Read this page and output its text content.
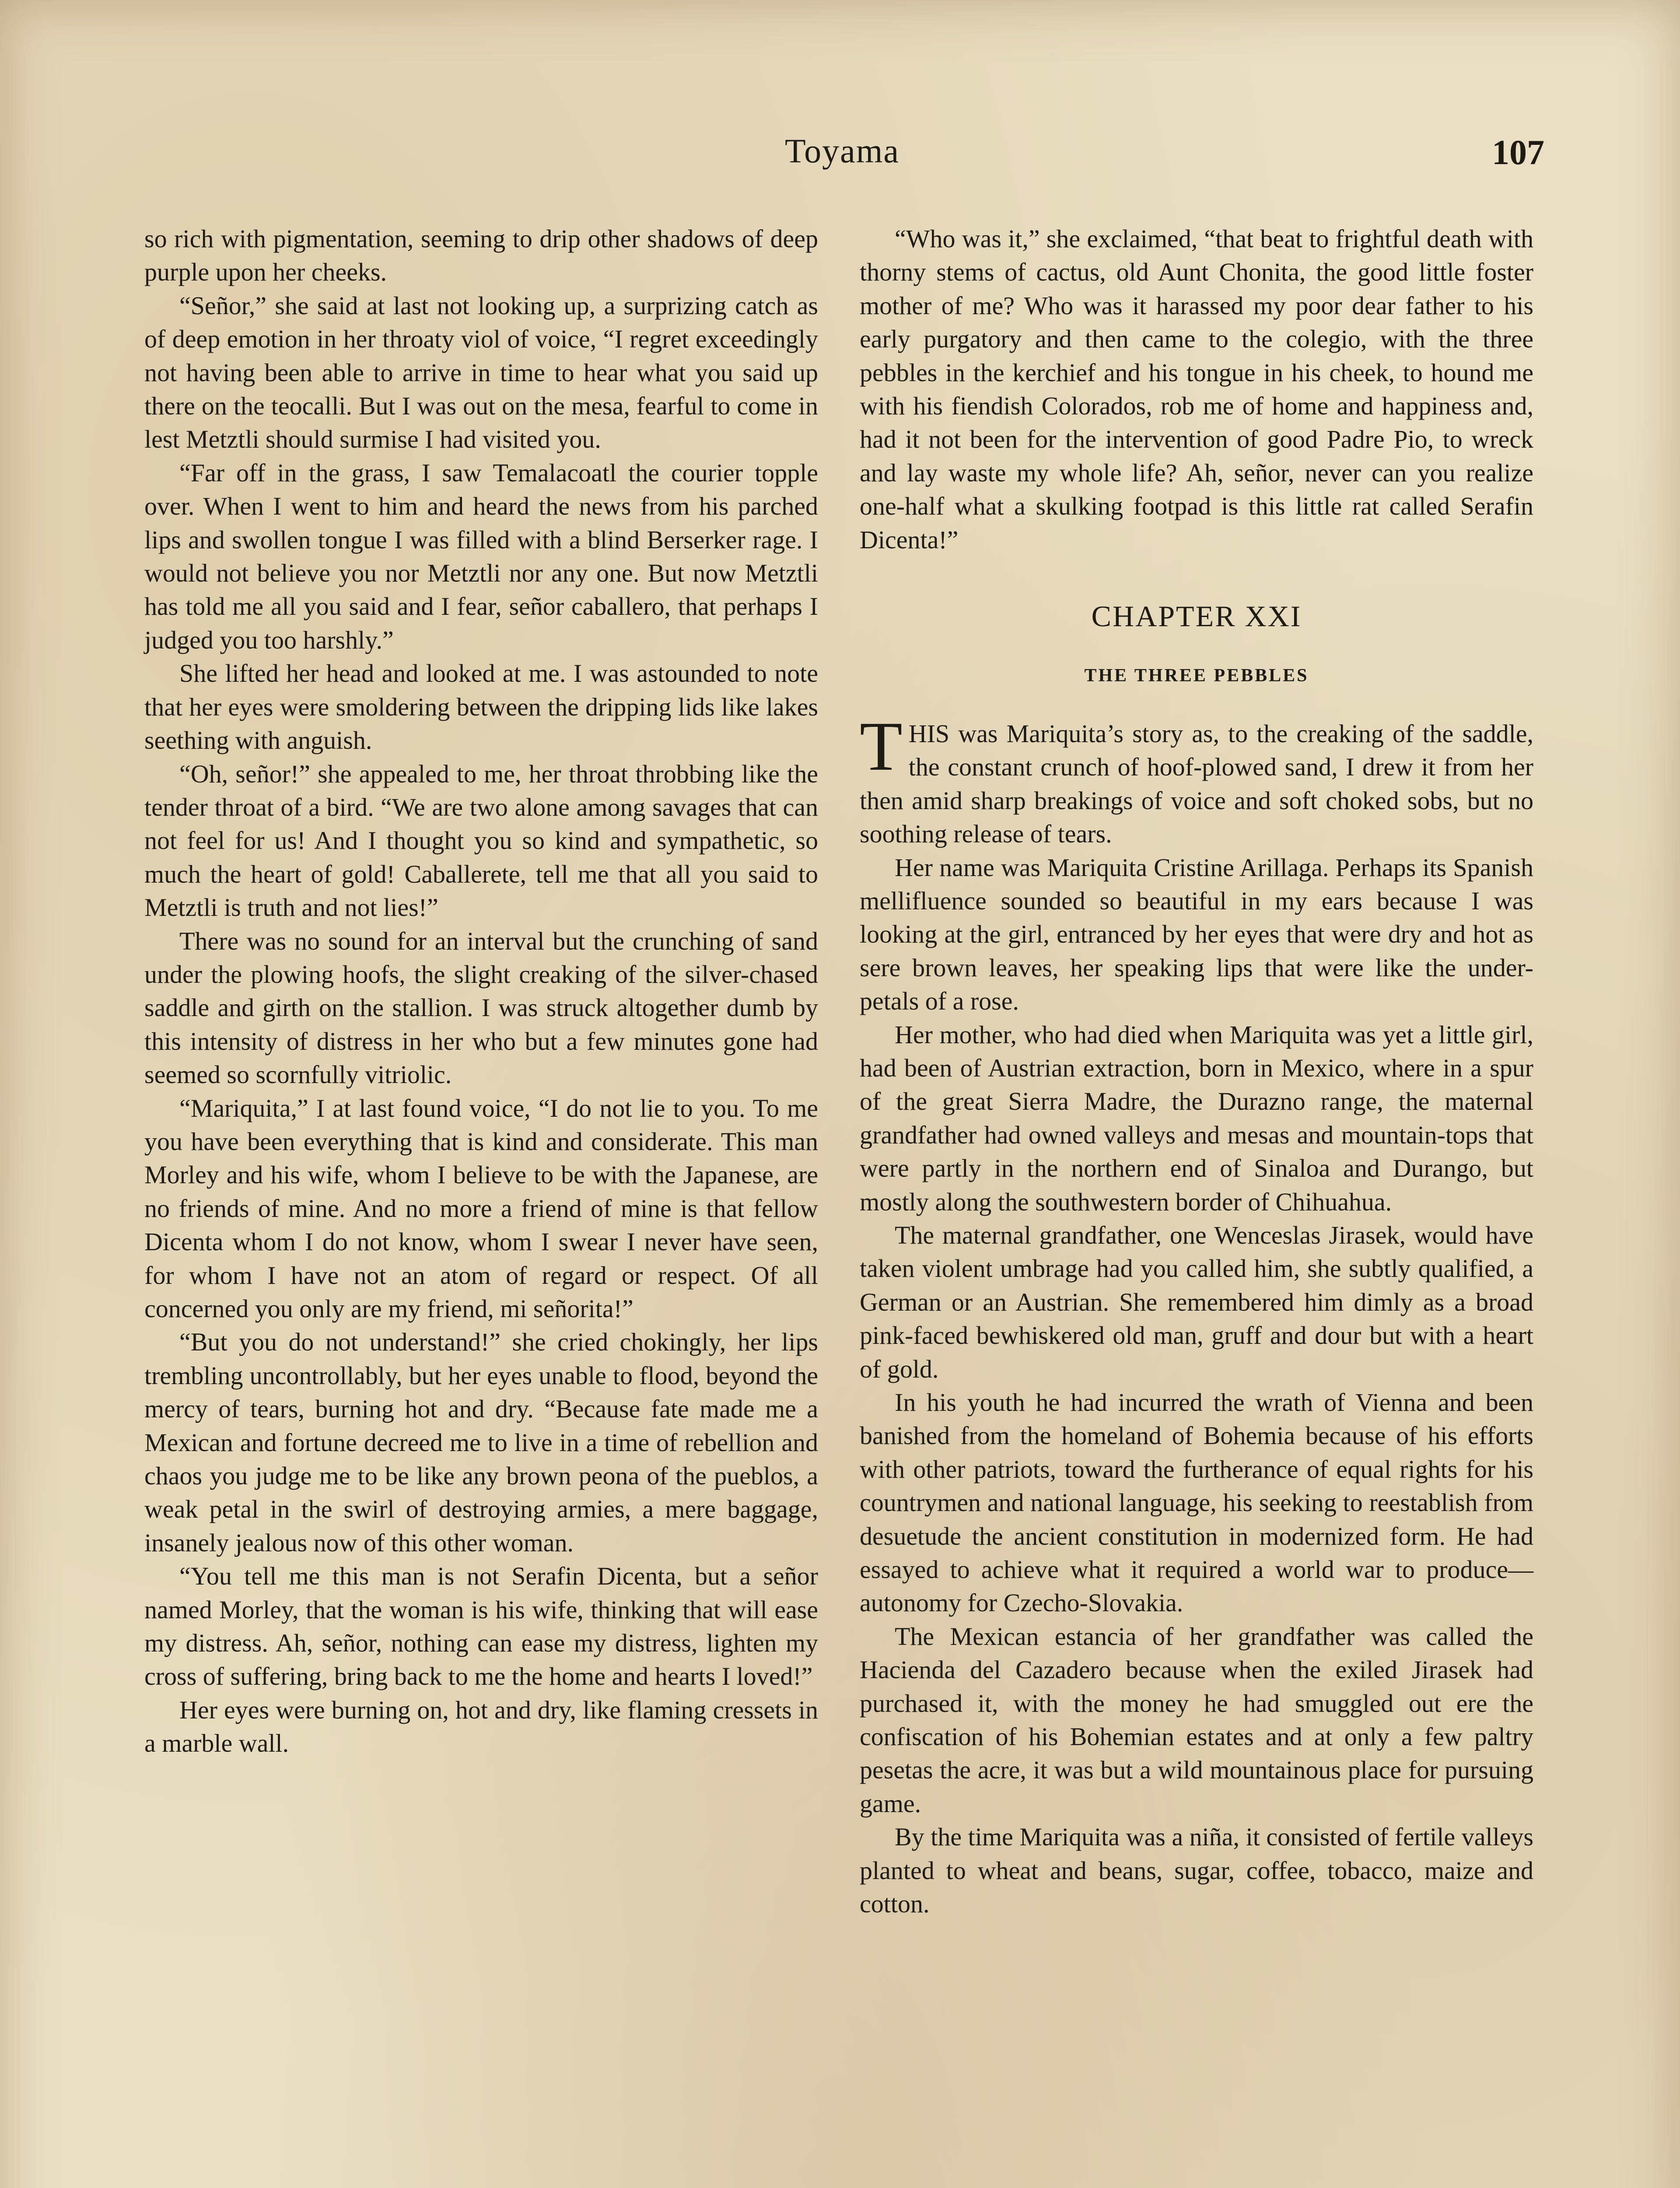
Toyama	107

so rich with pigmentation, seeming to drip other shadows of deep purple upon her cheeks.

“Señor,” she said at last not looking up, a surprizing catch as of deep emotion in her throaty viol of voice, “I regret exceedingly not having been able to arrive in time to hear what you said up there on the teocalli. But I was out on the mesa, fearful to come in lest Metztli should surmise I had visited you.

“Far off in the grass, I saw Temalacoatl the courier topple over. When I went to him and heard the news from his parched lips and swollen tongue I was filled with a blind Berserker rage. I would not believe you nor Metztli nor any one. But now Metztli has told me all you said and I fear, señor caballero, that perhaps I judged you too harshly.”

She lifted her head and looked at me. I was astounded to note that her eyes were smoldering between the dripping lids like lakes seething with anguish.

“Oh, señor!” she appealed to me, her throat throbbing like the tender throat of a bird. “We are two alone among savages that can not feel for us! And I thought you so kind and sympathetic, so much the heart of gold! Caballerete, tell me that all you said to Metztli is truth and not lies!”

There was no sound for an interval but the crunching of sand under the plowing hoofs, the slight creaking of the silver-chased saddle and girth on the stallion. I was struck altogether dumb by this intensity of distress in her who but a few minutes gone had seemed so scornfully vitriolic.

“Mariquita,” I at last found voice, “I do not lie to you. To me you have been everything that is kind and considerate. This man Morley and his wife, whom I believe to be with the Japanese, are no friends of mine. And no more a friend of mine is that fellow Dicenta whom I do not know, whom I swear I never have seen, for whom I have not an atom of regard or respect. Of all concerned you only are my friend, mi señorita!”

“But you do not understand!” she cried chokingly, her lips trembling uncontrollably, but her eyes unable to flood, beyond the mercy of tears, burning hot and dry. “Because fate made me a Mexican and fortune decreed me to live in a time of rebellion and chaos you judge me to be like any brown peona of the pueblos, a weak petal in the swirl of destroying armies, a mere baggage, insanely jealous now of this other woman.

“You tell me this man is not Serafin Dicenta, but a señor named Morley, that the woman is his wife, thinking that will ease my distress. Ah, señor, nothing can ease my distress, lighten my cross of suffering, bring back to me the home and hearts I loved!”

Her eyes were burning on, hot and dry, like flaming cressets in a marble wall.

“Who was it,” she exclaimed, “that beat to frightful death with thorny stems of cactus, old Aunt Chonita, the good little foster mother of me? Who was it harassed my poor dear father to his early purgatory and then came to the colegio, with the three pebbles in the kerchief and his tongue in his cheek, to hound me with his fiendish Colorados, rob me of home and happiness and, had it not been for the intervention of good Padre Pio, to wreck and lay waste my whole life? Ah, señor, never can you realize one-half what a skulking footpad is this little rat called Serafin Dicenta!”

CHAPTER XXI
THE THREE PEBBLES

THIS was Mariquita’s story as, to the creaking of the saddle, the constant crunch of hoof-plowed sand, I drew it from her then amid sharp breakings of voice and soft choked sobs, but no soothing release of tears.

Her name was Mariquita Cristine Arillaga. Perhaps its Spanish mellifluence sounded so beautiful in my ears because I was looking at the girl, entranced by her eyes that were dry and hot as sere brown leaves, her speaking lips that were like the under-petals of a rose.

Her mother, who had died when Mariquita was yet a little girl, had been of Austrian extraction, born in Mexico, where in a spur of the great Sierra Madre, the Durazno range, the maternal grandfather had owned valleys and mesas and mountain-tops that were partly in the northern end of Sinaloa and Durango, but mostly along the southwestern border of Chihuahua.

The maternal grandfather, one Wenceslas Jirasek, would have taken violent umbrage had you called him, she subtly qualified, a German or an Austrian. She remembered him dimly as a broad pink-faced bewhiskered old man, gruff and dour but with a heart of gold.

In his youth he had incurred the wrath of Vienna and been banished from the homeland of Bohemia because of his efforts with other patriots, toward the furtherance of equal rights for his countrymen and national language, his seeking to reestablish from desuetude the ancient constitution in modernized form. He had essayed to achieve what it required a world war to produce—autonomy for Czecho-Slovakia.

The Mexican estancia of her grandfather was called the Hacienda del Cazadero because when the exiled Jirasek had purchased it, with the money he had smuggled out ere the confiscation of his Bohemian estates and at only a few paltry pesetas the acre, it was but a wild mountainous place for pursuing game.

By the time Mariquita was a niña, it consisted of fertile valleys planted to wheat and beans, sugar, coffee, tobacco, maize and cotton.
